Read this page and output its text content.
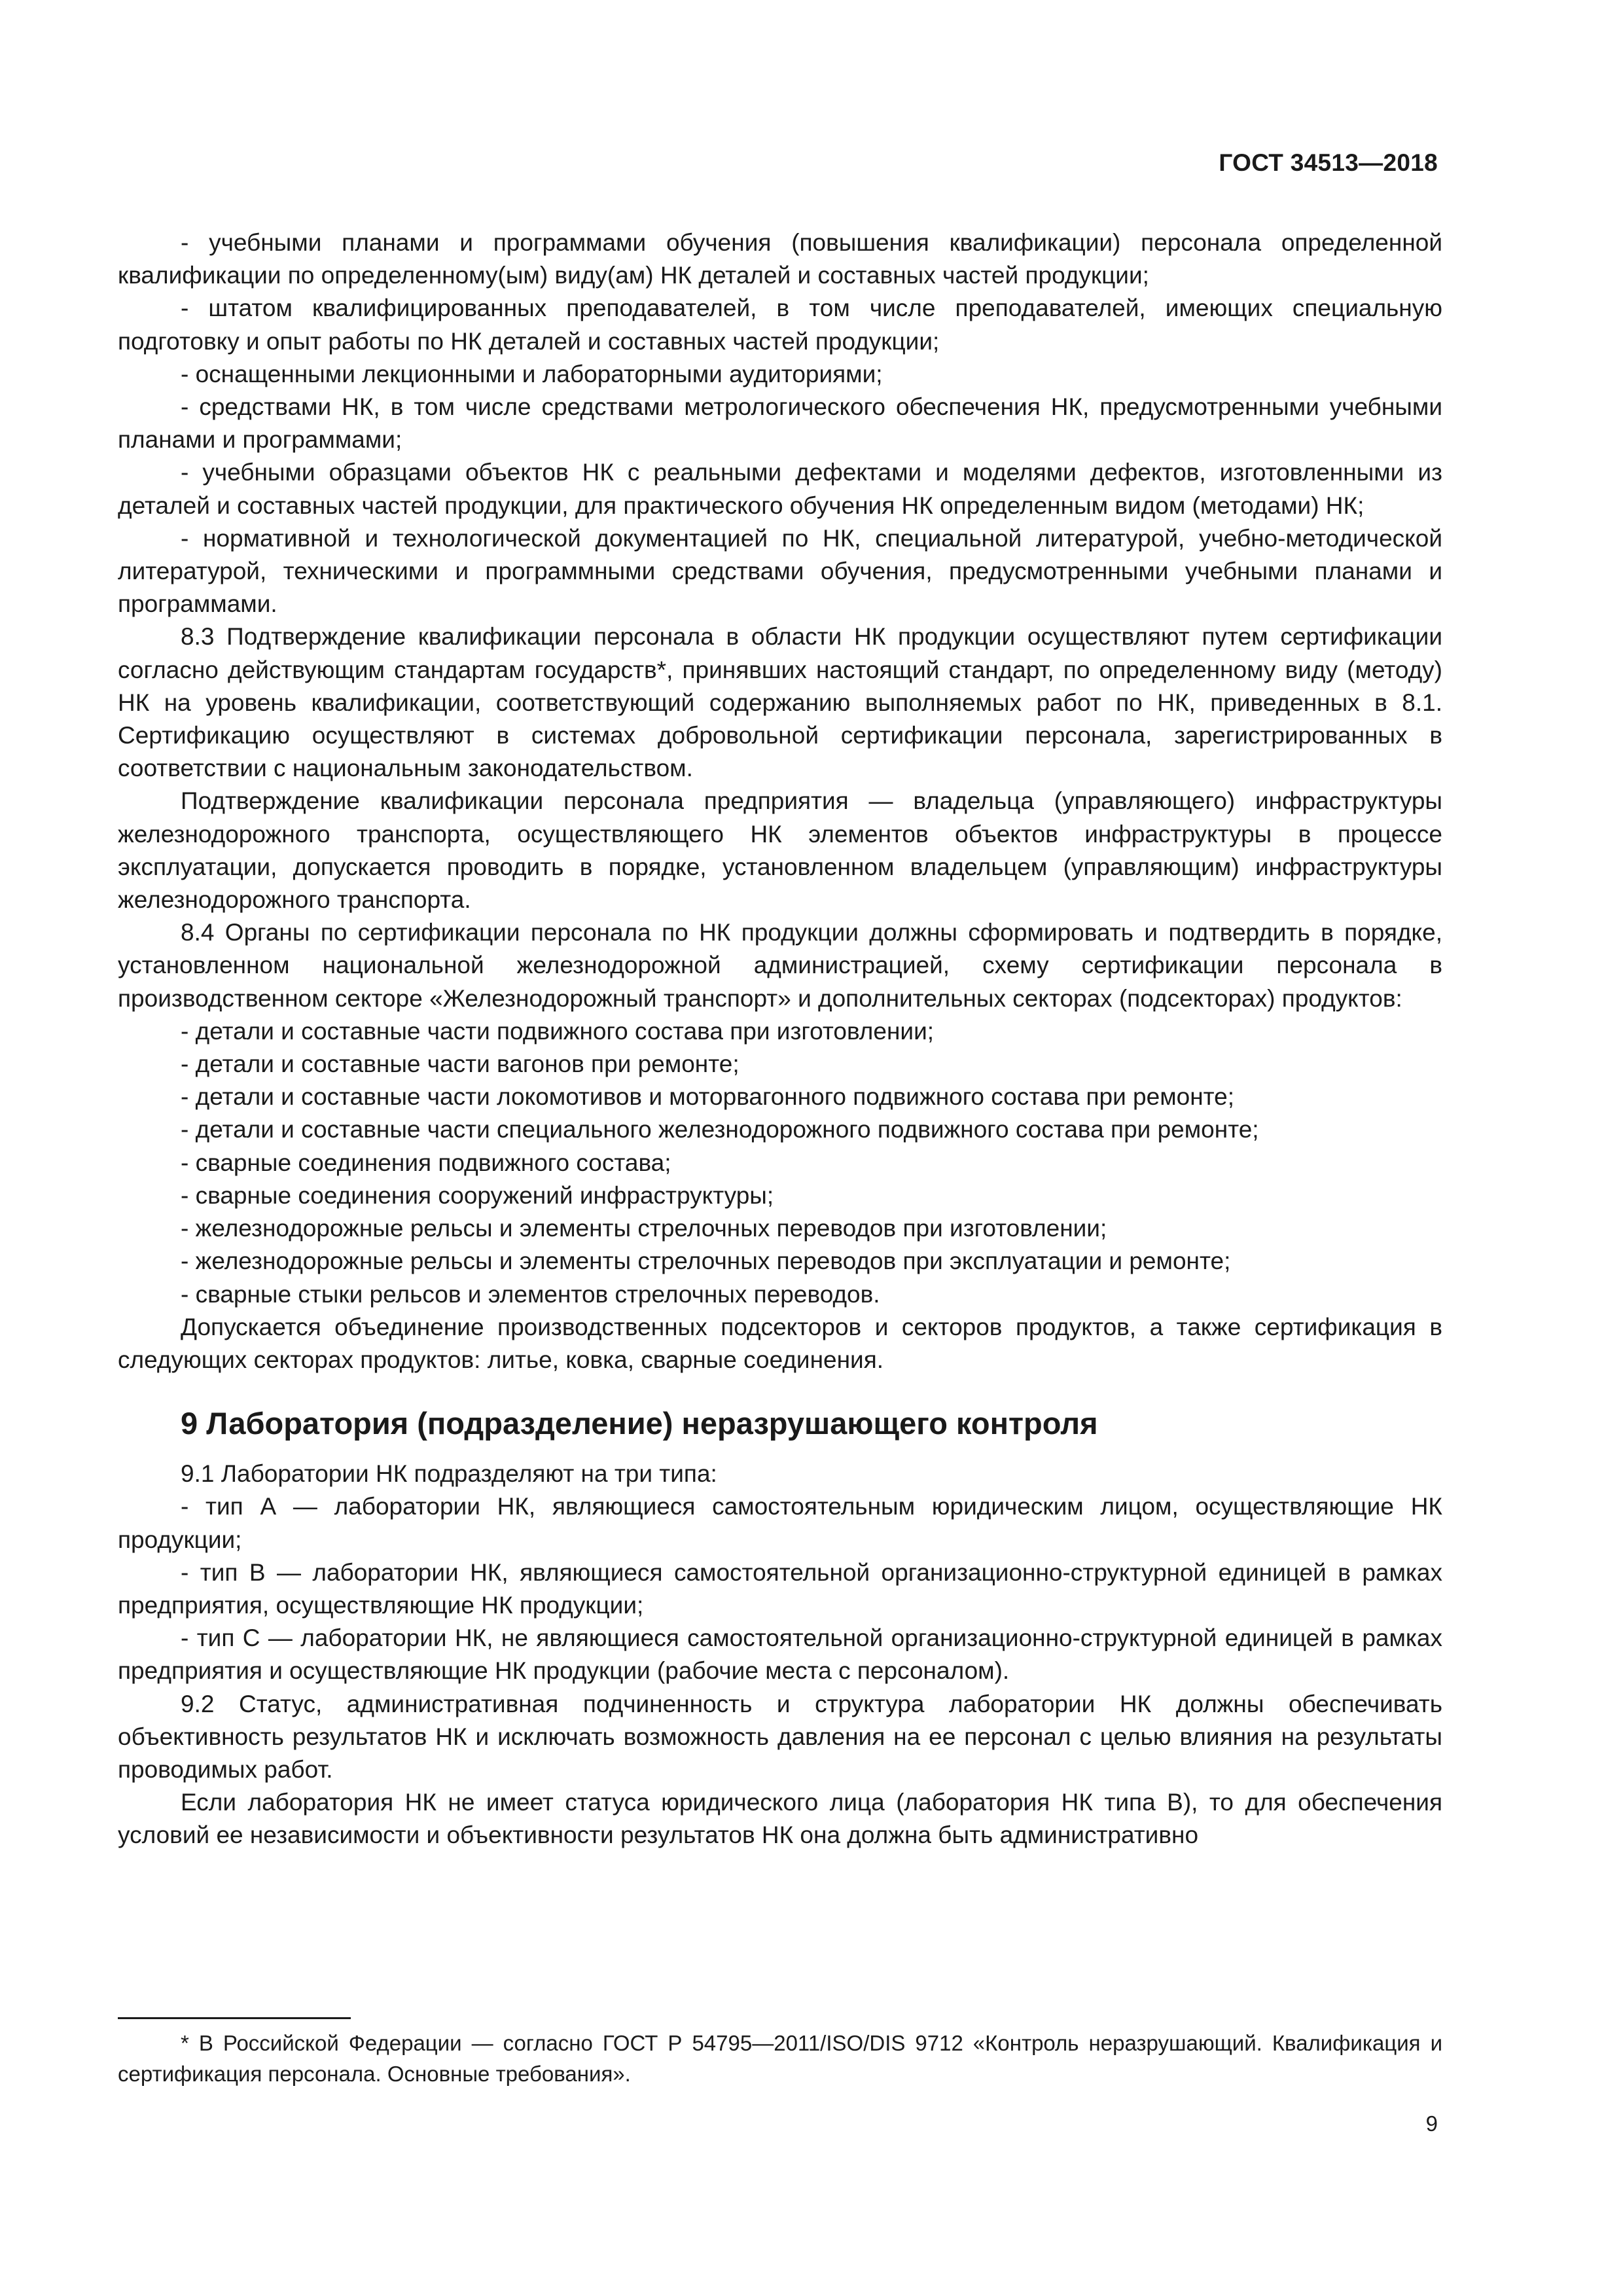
ГОСТ 34513—2018

- учебными планами и программами обучения (повышения квалификации) персонала определенной квалификации по определенному(ым) виду(ам) НК деталей и составных частей продукции;

- штатом квалифицированных преподавателей, в том числе преподавателей, имеющих специальную подготовку и опыт работы по НК деталей и составных частей продукции;

- оснащенными лекционными и лабораторными аудиториями;

- средствами НК, в том числе средствами метрологического обеспечения НК, предусмотренными учебными планами и программами;

- учебными образцами объектов НК с реальными дефектами и моделями дефектов, изготовленными из деталей и составных частей продукции, для практического обучения НК определенным видом (методами) НК;

- нормативной и технологической документацией по НК, специальной литературой, учебно-методической литературой, техническими и программными средствами обучения, предусмотренными учебными планами и программами.

8.3 Подтверждение квалификации персонала в области НК продукции осуществляют путем сертификации согласно действующим стандартам государств*, принявших настоящий стандарт, по определенному виду (методу) НК на уровень квалификации, соответствующий содержанию выполняемых работ по НК, приведенных в 8.1. Сертификацию осуществляют в системах добровольной сертификации персонала, зарегистрированных в соответствии с национальным законодательством.

Подтверждение квалификации персонала предприятия — владельца (управляющего) инфраструктуры железнодорожного транспорта, осуществляющего НК элементов объектов инфраструктуры в процессе эксплуатации, допускается проводить в порядке, установленном владельцем (управляющим) инфраструктуры железнодорожного транспорта.

8.4 Органы по сертификации персонала по НК продукции должны сформировать и подтвердить в порядке, установленном национальной железнодорожной администрацией, схему сертификации персонала в производственном секторе «Железнодорожный транспорт» и дополнительных секторах (подсекторах) продуктов:

- детали и составные части подвижного состава при изготовлении;

- детали и составные части вагонов при ремонте;

- детали и составные части локомотивов и моторвагонного подвижного состава при ремонте;

- детали и составные части специального железнодорожного подвижного состава при ремонте;

- сварные соединения подвижного состава;

- сварные соединения сооружений инфраструктуры;

- железнодорожные рельсы и элементы стрелочных переводов при изготовлении;

- железнодорожные рельсы и элементы стрелочных переводов при эксплуатации и ремонте;

- сварные стыки рельсов и элементов стрелочных переводов.

Допускается объединение производственных подсекторов и секторов продуктов, а также сертификация в следующих секторах продуктов: литье, ковка, сварные соединения.

9 Лаборатория (подразделение) неразрушающего контроля

9.1 Лаборатории НК подразделяют на три типа:

- тип А — лаборатории НК, являющиеся самостоятельным юридическим лицом, осуществляющие НК продукции;

- тип В — лаборатории НК, являющиеся самостоятельной организационно-структурной единицей в рамках предприятия, осуществляющие НК продукции;

- тип С — лаборатории НК, не являющиеся самостоятельной организационно-структурной единицей в рамках предприятия и осуществляющие НК продукции (рабочие места с персоналом).

9.2 Статус, административная подчиненность и структура лаборатории НК должны обеспечивать объективность результатов НК и исключать возможность давления на ее персонал с целью влияния на результаты проводимых работ.

Если лаборатория НК не имеет статуса юридического лица (лаборатория НК типа В), то для обеспечения условий ее независимости и объективности результатов НК она должна быть административно

* В Российской Федерации — согласно ГОСТ Р 54795—2011/ISO/DIS 9712 «Контроль неразрушающий. Квалификация и сертификация персонала. Основные требования».
9
